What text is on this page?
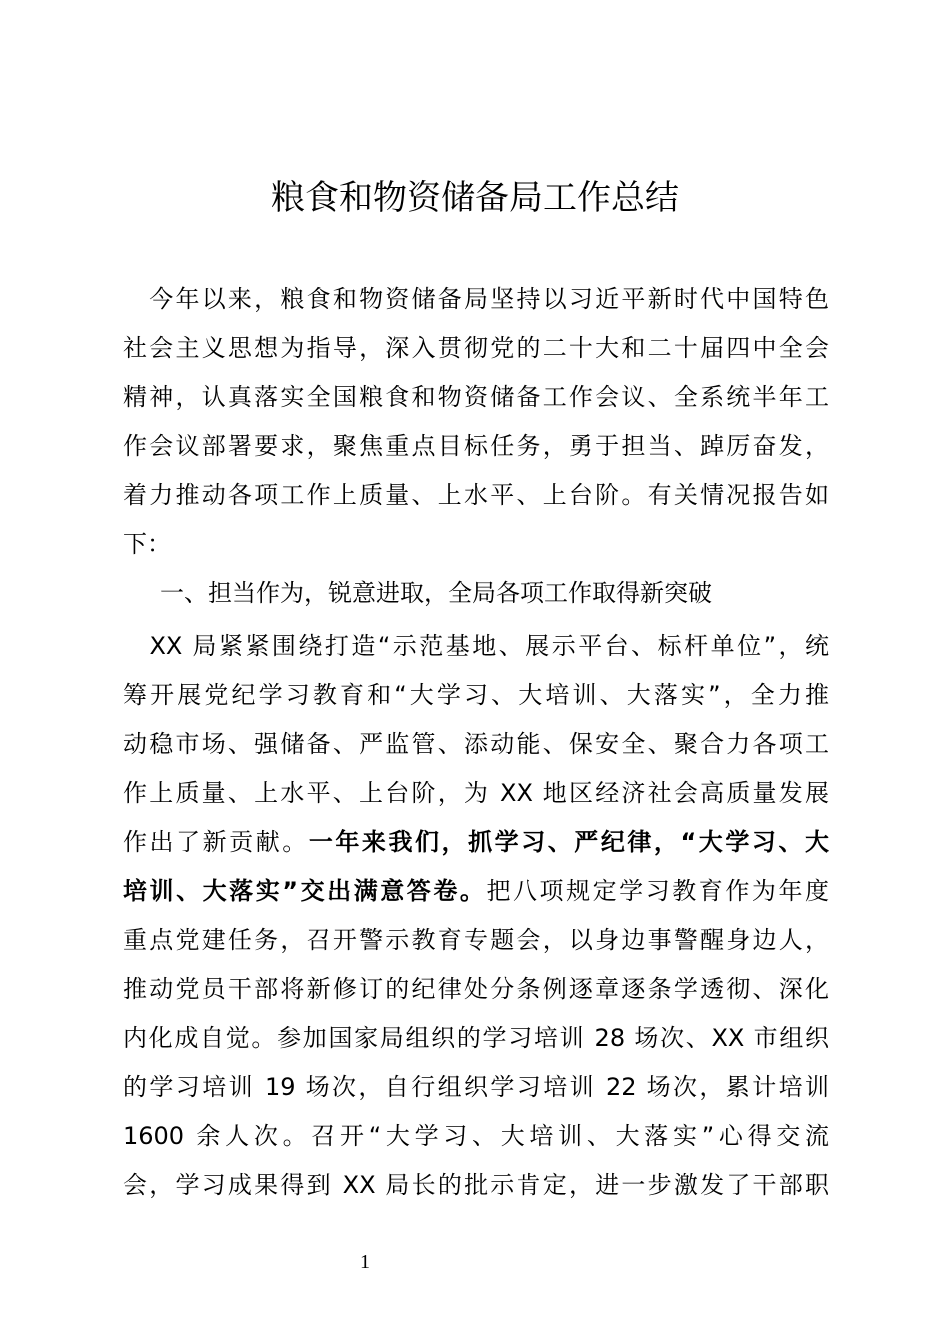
粮食和物资储备局工作总结
　今年以来，粮食和物资储备局坚持以习近平新时代中国特色
社会主义思想为指导，深入贯彻党的二十大和二十届四中全会
精神，认真落实全国粮食和物资储备工作会议、全系统半年工
作会议部署要求，聚焦重点目标任务，勇于担当、踔厉奋发，
着力推动各项工作上质量、上水平、上台阶。有关情况报告如
下：
一、担当作为，锐意进取，全局各项工作取得新突破
　XX 局紧紧围绕打造“示范基地、展示平台、标杆单位”，统
筹开展党纪学习教育和“大学习、大培训、大落实”，全力推
动稳市场、强储备、严监管、添动能、保安全、聚合力各项工
作上质量、上水平、上台阶，为 XX 地区经济社会高质量发展
作出了新贡献。一年来我们，抓学习、严纪律，“大学习、大
培训、大落实”交出满意答卷。把八项规定学习教育作为年度
重点党建任务，召开警示教育专题会，以身边事警醒身边人，
推动党员干部将新修订的纪律处分条例逐章逐条学透彻、深化
内化成自觉。参加国家局组织的学习培训 28 场次、XX 市组织
的学习培训 19 场次，自行组织学习培训 22 场次，累计培训
1600 余人次。召开“大学习、大培训、大落实”心得交流
会，学习成果得到 XX 局长的批示肯定，进一步激发了干部职
1
